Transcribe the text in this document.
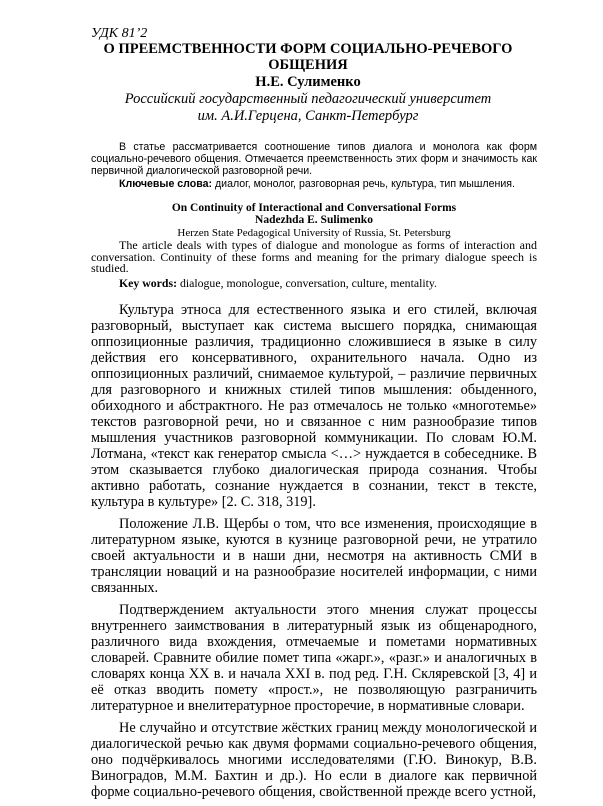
УДК 81’2
О ПРЕЕМСТВЕННОСТИ ФОРМ СОЦИАЛЬНО-РЕЧЕВОГО
ОБЩЕНИЯ
Н.Е. Сулименко
Российский государственный педагогический университет
им. А.И.Герцена, Санкт-Петербург
В статье рассматривается соотношение типов диалога и монолога как форм социально-речевого общения. Отмечается преемственность этих форм и значимость как первичной диалогической разговорной речи.
Ключевые слова: диалог, монолог, разговорная речь, культура, тип мышления.
On Continuity of Interactional and Conversational Forms
Nadezhda E. Sulimenko
Herzen State Pedagogical University of Russia, St. Petersburg
The article deals with types of dialogue and monologue as forms of interaction and conversation. Continuity of these forms and meaning for the primary dialogue speech is studied.
Key words: dialogue, monologue, conversation, culture, mentality.

Культура этноса для естественного языка и его стилей, включая разговорный, выступает как система высшего порядка, снимающая оппозиционные различия, традиционно сложившиеся в языке в силу действия его консервативного, охранительного начала. Одно из оппозиционных различий, снимаемое культурой, – различие первичных для разговорного и книжных стилей типов мышления: обыденного, обиходного и абстрактного. Не раз отмечалось не только «многотемье» текстов разговорной речи, но и связанное с ним разнообразие типов мышления участников разговорной коммуникации. По словам Ю.М. Лотмана, «текст как генератор смысла <…> нуждается в собеседнике. В этом сказывается глубоко диалогическая природа сознания. Чтобы активно работать, сознание нуждается в сознании, текст в тексте, культура в культуре» [2. С. 318, 319].

Положение Л.В. Щербы о том, что все изменения, происходящие в литературном языке, куются в кузнице разговорной речи, не утратило своей актуальности и в наши дни, несмотря на активность СМИ в трансляции новаций и на разнообразие носителей информации, с ними связанных.

Подтверждением актуальности этого мнения служат процессы внутреннего заимствования в литературный язык из общенародного, различного вида вхождения, отмечаемые и пометами нормативных словарей. Сравните обилие помет типа «жарг.», «разг.» и аналогичных в словарях конца XX в. и начала XXI в. под ред. Г.Н. Скляревской [3, 4] и её отказ вводить помету «прост.», не позволяющую разграничить литературное и внелитературное просторечие, в нормативные словари.

Не случайно и отсутствие жёстких границ между монологической и диалогической речью как двумя формами социально-речевого общения, оно подчёркивалось многими исследователями (Г.Ю. Винокур, В.В. Виноградов, М.М. Бахтин и др.). Но если в диалоге как первичной форме социально-речевого общения, свойственной прежде всего устной,
